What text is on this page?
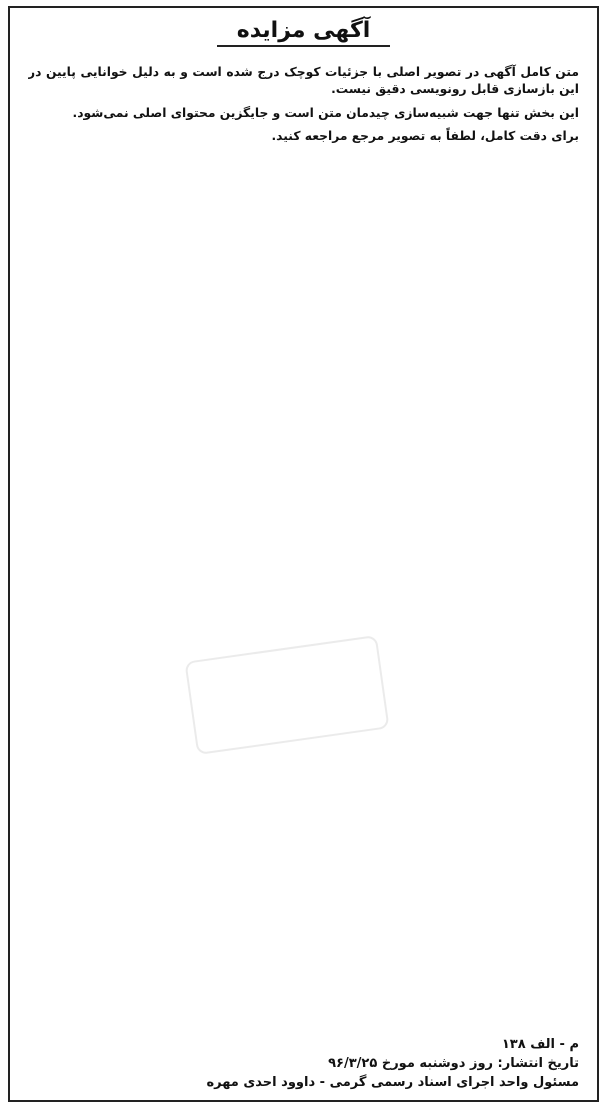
آگهی مزایده

متن کامل آگهی در تصویر اصلی با جزئیات کوچک درج شده است و به دلیل خوانایی پایین در این بازسازی قابل رونویسی دقیق نیست.

این بخش تنها جهت شبیه‌سازی چیدمان متن است و جایگزین محتوای اصلی نمی‌شود.

برای دقت کامل، لطفاً به تصویر مرجع مراجعه کنید.

م - الف ۱۳۸
تاریخ انتشار: روز دوشنبه مورخ ۹۶/۳/۲۵
مسئول واحد اجرای اسناد رسمی گرمی - داوود احدی مهره
